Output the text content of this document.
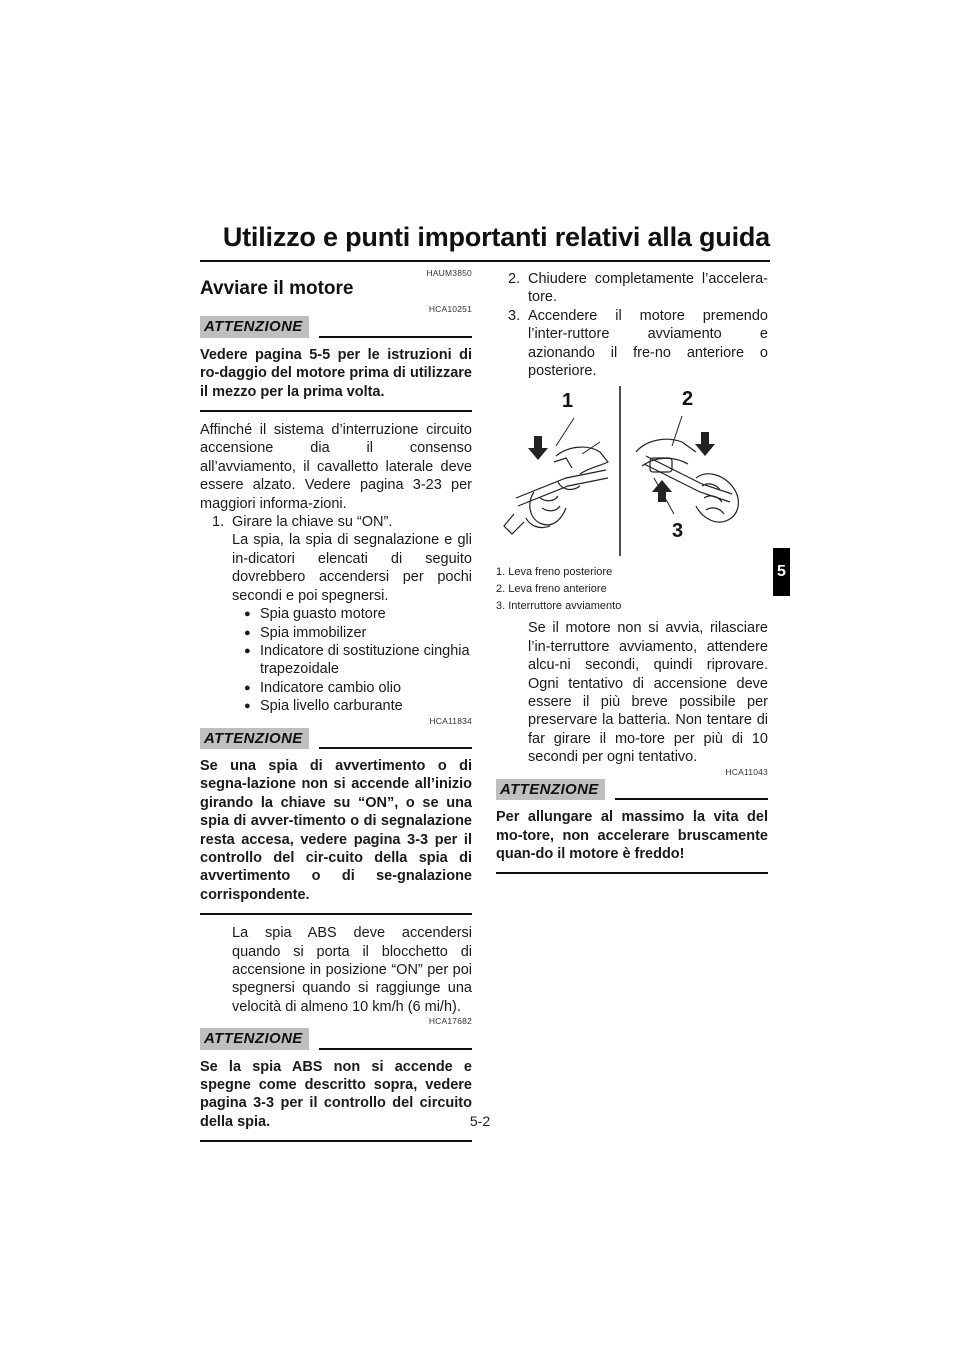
Utilizzo e punti importanti relativi alla guida
5
HAUM3850
Avviare il motore
HCA10251
ATTENZIONE
Vedere pagina 5-5 per le istruzioni di ro-daggio del motore prima di utilizzare il mezzo per la prima volta.

Affinché il sistema d’interruzione circuito accensione dia il consenso all’avviamento, il cavalletto laterale deve essere alzato. Vedere pagina 3-23 per maggiori informa-zioni.

1. Girare la chiave su “ON”.
La spia, la spia di segnalazione e gli in-dicatori elencati di seguito dovrebbero accendersi per pochi secondi e poi spegnersi.
● Spia guasto motore
● Spia immobilizer
● Indicatore di sostituzione cinghia trapezoidale
● Indicatore cambio olio
● Spia livello carburante
HCA11834
ATTENZIONE
Se una spia di avvertimento o di segna-lazione non si accende all’inizio girando la chiave su “ON”, o se una spia di avver-timento o di segnalazione resta accesa, vedere pagina 3-3 per il controllo del cir-cuito della spia di avvertimento o di se-gnalazione corrispondente.
La spia ABS deve accendersi quando si porta il blocchetto di accensione in posizione “ON” per poi spegnersi quando si raggiunge una velocità di almeno 10 km/h (6 mi/h).
HCA17682
ATTENZIONE
Se la spia ABS non si accende e spegne come descritto sopra, vedere pagina 3-3 per il controllo del circuito della spia.
2. Chiudere completamente l’accelera-tore.
3. Accendere il motore premendo l’inter-ruttore avviamento e azionando il fre-no anteriore o posteriore.
1	2
3
1. Leva freno posteriore
2. Leva freno anteriore
3. Interruttore avviamento
Se il motore non si avvia, rilasciare l’in-terruttore avviamento, attendere alcu-ni secondi, quindi riprovare. Ogni tentativo di accensione deve essere il più breve possibile per preservare la batteria. Non tentare di far girare il mo-tore per più di 10 secondi per ogni tentativo.
HCA11043
ATTENZIONE
Per allungare al massimo la vita del mo-tore, non accelerare bruscamente quan-do il motore è freddo!
5-2
